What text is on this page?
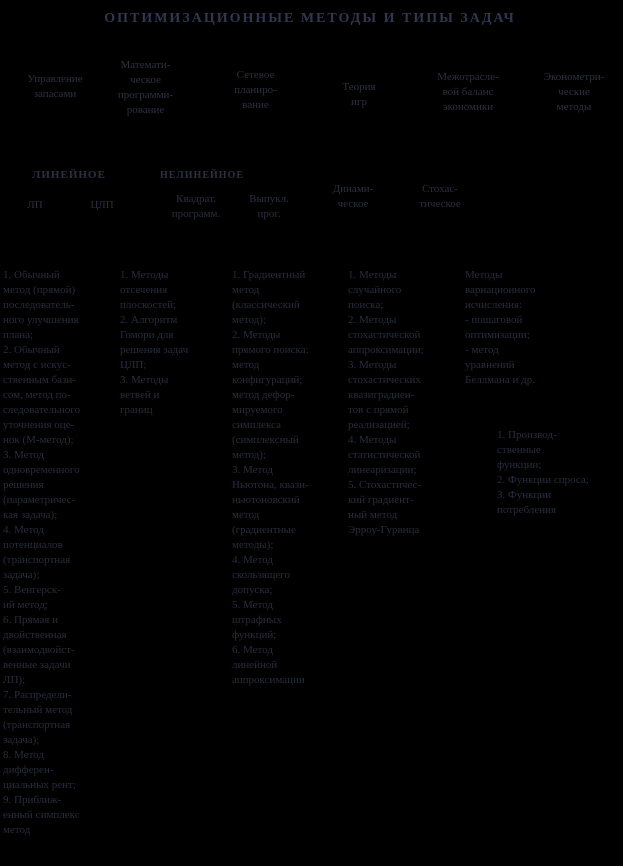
ОПТИМИЗАЦИОННЫЕ МЕТОДЫ И ТИПЫ ЗАДАЧ
Управление
запасами
Математи-
ческое
программи-
рование
Сетевое
планиро-
вание
Теория
игр
Межотрасле-
вой баланс
экономики
Эконометри-
ческие
методы
ЛИНЕЙНОЕ
ЛП	ЦЛП
НЕЛИНЕЙНОЕ
Квадрат.
программ.
Выпукл.
прог.
Динами-
ческое
Стохас-
тическое
1. Обычный
метод (прямой)
последователь-
ного улучшения
плана;
2. Обычный
метод с искус-
ственным бази-
сом, метод по-
следовательного
уточнения оце-
нок (М-метод);
3. Метод
одновременного
решения
(параметричес-
кая задача);
4. Метод
потенциалов
(транспортная
задача);
5. Венгерск-
ий метод;
6. Прямая и
двойственная
(взаимодвойст-
венные задачи
ЛП);
7. Распредели-
тельный метод
(транспортная
задача);
8. Метод
дифферен-
циальных рент;
9. Приближ-
енный симплекс
метод
1. Методы
отсечения
плоскостей;
2. Алгоритм
Гомори для
решения задач
ЦЛП;
3. Методы
ветвей и
границ
1. Градиентный
метод
(классический
метод);
2. Методы
прямого поиска:
метод
конфигураций;
метод дефор-
мируемого
симплекса
(симплексный
метод);
3. Метод
Ньютона, квази-
ньютоновский
метод
(градиентные
методы);
4. Метод
скользящего
допуска;
5. Метод
штрафных
функций;
6. Метод
линейной
аппроксимации
1. Методы
случайного
поиска;
2. Методы
стохастической
аппроксимации;
3. Методы
стохастических
квазиградиен-
тов с прямой
реализацией;
4. Методы
статистической
линеаризации;
5. Стохастичес-
кий градиент-
ный метод
Эрроу-Гурвица
Методы
вариационного
исчисления:
- пошаговой
оптимизации;
- метод
уравнений
Беллмана и др.
1. Производ-
ственные
функции;
2. Функции спроса;
3. Функции
потребления
